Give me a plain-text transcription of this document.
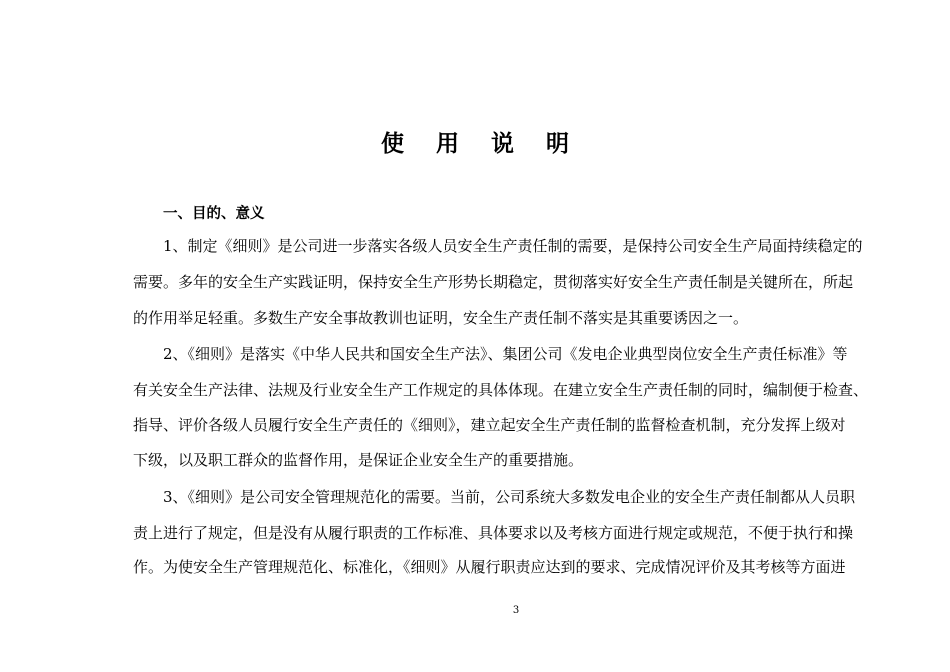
使 用 说 明
一、目的、意义
1、制定《细则》是公司进一步落实各级人员安全生产责任制的需要，是保持公司安全生产局面持续稳定的
需要。多年的安全生产实践证明，保持安全生产形势长期稳定，贯彻落实好安全生产责任制是关键所在，所起
的作用举足轻重。多数生产安全事故教训也证明，安全生产责任制不落实是其重要诱因之一。
2、《细则》是落实《中华人民共和国安全生产法》、集团公司《发电企业典型岗位安全生产责任标准》等
有关安全生产法律、法规及行业安全生产工作规定的具体体现。在建立安全生产责任制的同时，编制便于检查、
指导、评价各级人员履行安全生产责任的《细则》，建立起安全生产责任制的监督检查机制，充分发挥上级对
下级，以及职工群众的监督作用，是保证企业安全生产的重要措施。
3、《细则》是公司安全管理规范化的需要。当前，公司系统大多数发电企业的安全生产责任制都从人员职
责上进行了规定，但是没有从履行职责的工作标准、具体要求以及考核方面进行规定或规范，不便于执行和操
作。为使安全生产管理规范化、标准化，《细则》从履行职责应达到的要求、完成情况评价及其考核等方面进
3
